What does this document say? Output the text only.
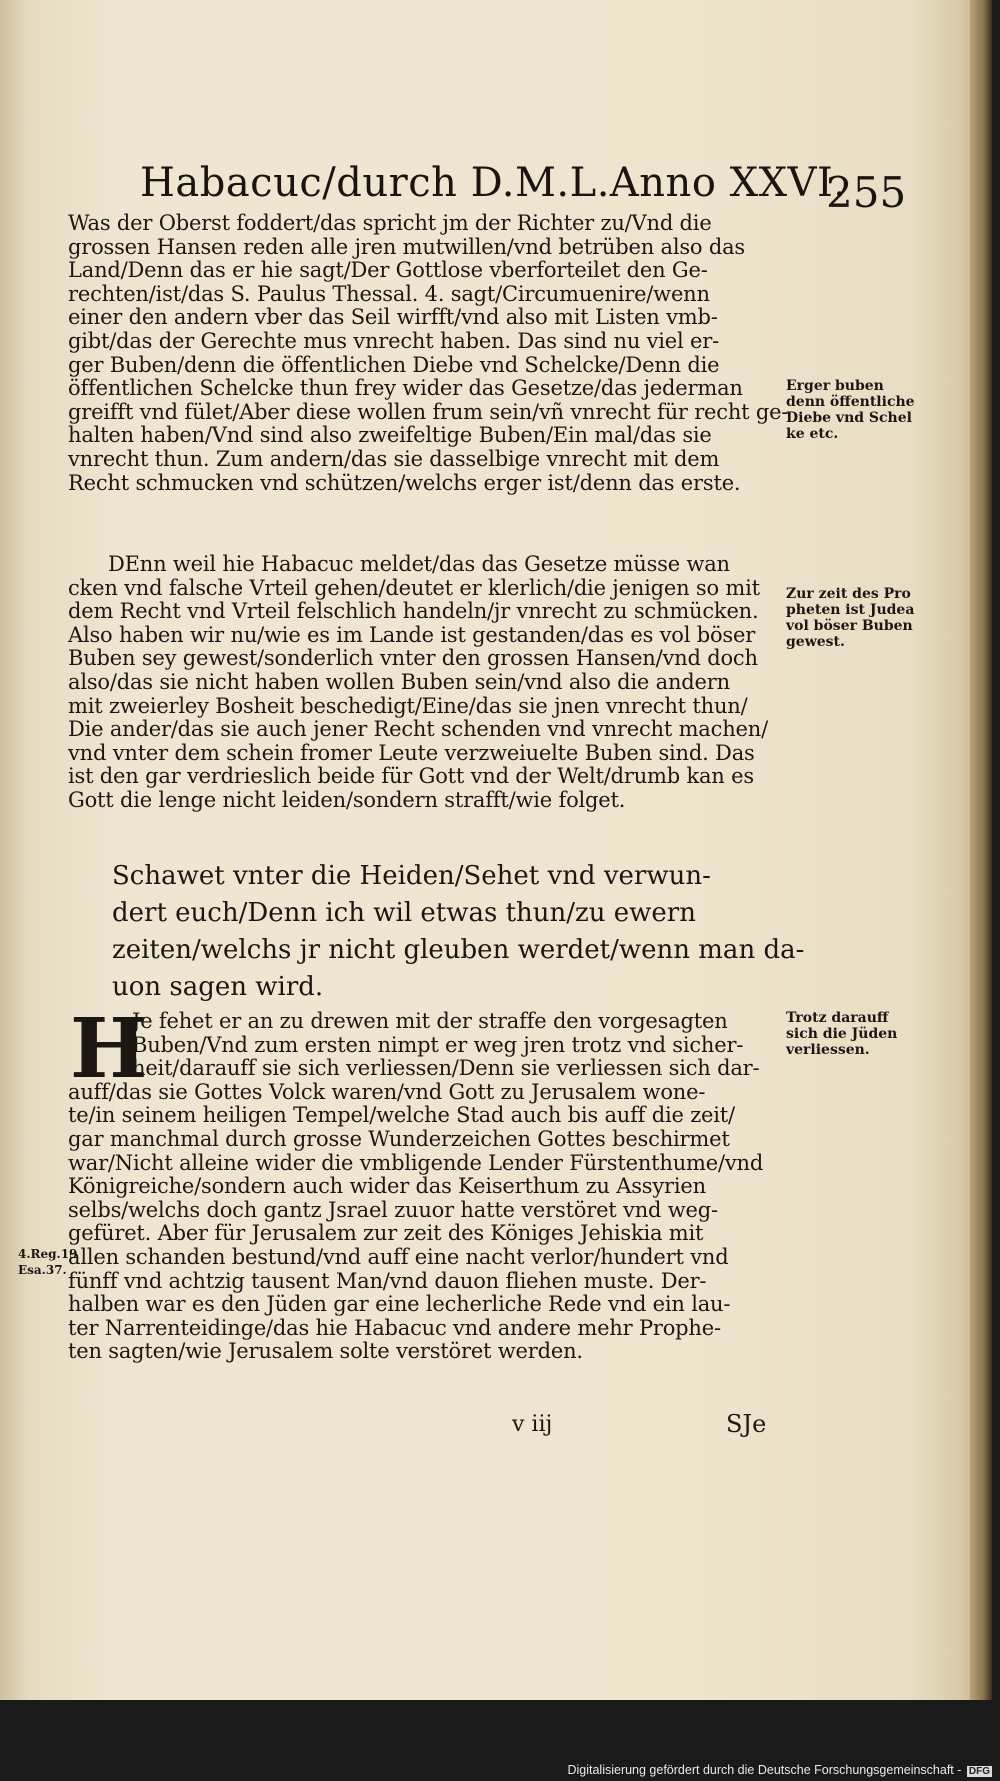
Habacuc/durch D.M.L.Anno XXVI.
255
Was der Oberst foddert/das spricht jm der Richter zu/Vnd die
grossen Hansen reden alle jren mutwillen/vnd betrüben also das
Land/Denn das er hie sagt/Der Gottlose vberforteilet den Ge-
rechten/ist/das S. Paulus Thessal. 4. sagt/Circumuenire/wenn
einer den andern vber das Seil wirfft/vnd also mit Listen vmb-
gibt/das der Gerechte mus vnrecht haben. Das sind nu viel er-
ger Buben/denn die öffentlichen Diebe vnd Schelcke/Denn die
öffentlichen Schelcke thun frey wider das Gesetze/das jederman
greifft vnd fület/Aber diese wollen frum sein/vñ vnrecht für recht ge-
halten haben/Vnd sind also zweifeltige Buben/Ein mal/das sie
vnrecht thun. Zum andern/das sie dasselbige vnrecht mit dem
Recht schmucken vnd schützen/welchs erger ist/denn das erste.
DEnn weil hie Habacuc meldet/das das Gesetze müsse wan
cken vnd falsche Vrteil gehen/deutet er klerlich/die jenigen so mit
dem Recht vnd Vrteil felschlich handeln/jr vnrecht zu schmücken.
Also haben wir nu/wie es im Lande ist gestanden/das es vol böser
Buben sey gewest/sonderlich vnter den grossen Hansen/vnd doch
also/das sie nicht haben wollen Buben sein/vnd also die andern
mit zweierley Bosheit beschedigt/Eine/das sie jnen vnrecht thun/
Die ander/das sie auch jener Recht schenden vnd vnrecht machen/
vnd vnter dem schein fromer Leute verzweiuelte Buben sind. Das
ist den gar verdrieslich beide für Gott vnd der Welt/drumb kan es
Gott die lenge nicht leiden/sondern strafft/wie folget.
Schawet vnter die Heiden/Sehet vnd verwun-
dert euch/Denn ich wil etwas thun/zu ewern
zeiten/welchs jr nicht gleuben werdet/wenn man da-
uon sagen wird.
H
Je fehet er an zu drewen mit der straffe den vorgesagten
Buben/Vnd zum ersten nimpt er weg jren trotz vnd sicher-
heit/darauff sie sich verliessen/Denn sie verliessen sich dar-
auff/das sie Gottes Volck waren/vnd Gott zu Jerusalem wone-
te/in seinem heiligen Tempel/welche Stad auch bis auff die zeit/
gar manchmal durch grosse Wunderzeichen Gottes beschirmet
war/Nicht alleine wider die vmbligende Lender Fürstenthume/vnd
Königreiche/sondern auch wider das Keiserthum zu Assyrien
selbs/welchs doch gantz Jsrael zuuor hatte verstöret vnd weg-
gefüret. Aber für Jerusalem zur zeit des Königes Jehiskia mit
allen schanden bestund/vnd auff eine nacht verlor/hundert vnd
fünff vnd achtzig tausent Man/vnd dauon fliehen muste. Der-
halben war es den Jüden gar eine lecherliche Rede vnd ein lau-
ter Narrenteidinge/das hie Habacuc vnd andere mehr Prophe-
ten sagten/wie Jerusalem solte verstöret werden.
Erger buben
denn öffentliche
Diebe vnd Schel
ke etc.
Zur zeit des Pro
pheten ist Judea
vol böser Buben
gewest.
Trotz darauff
sich die Jüden
verliessen.
4.Reg.19
Esa.37.
v iij	SJe
Digitalisierung gefördert durch die Deutsche Forschungsgemeinschaft - DFG
